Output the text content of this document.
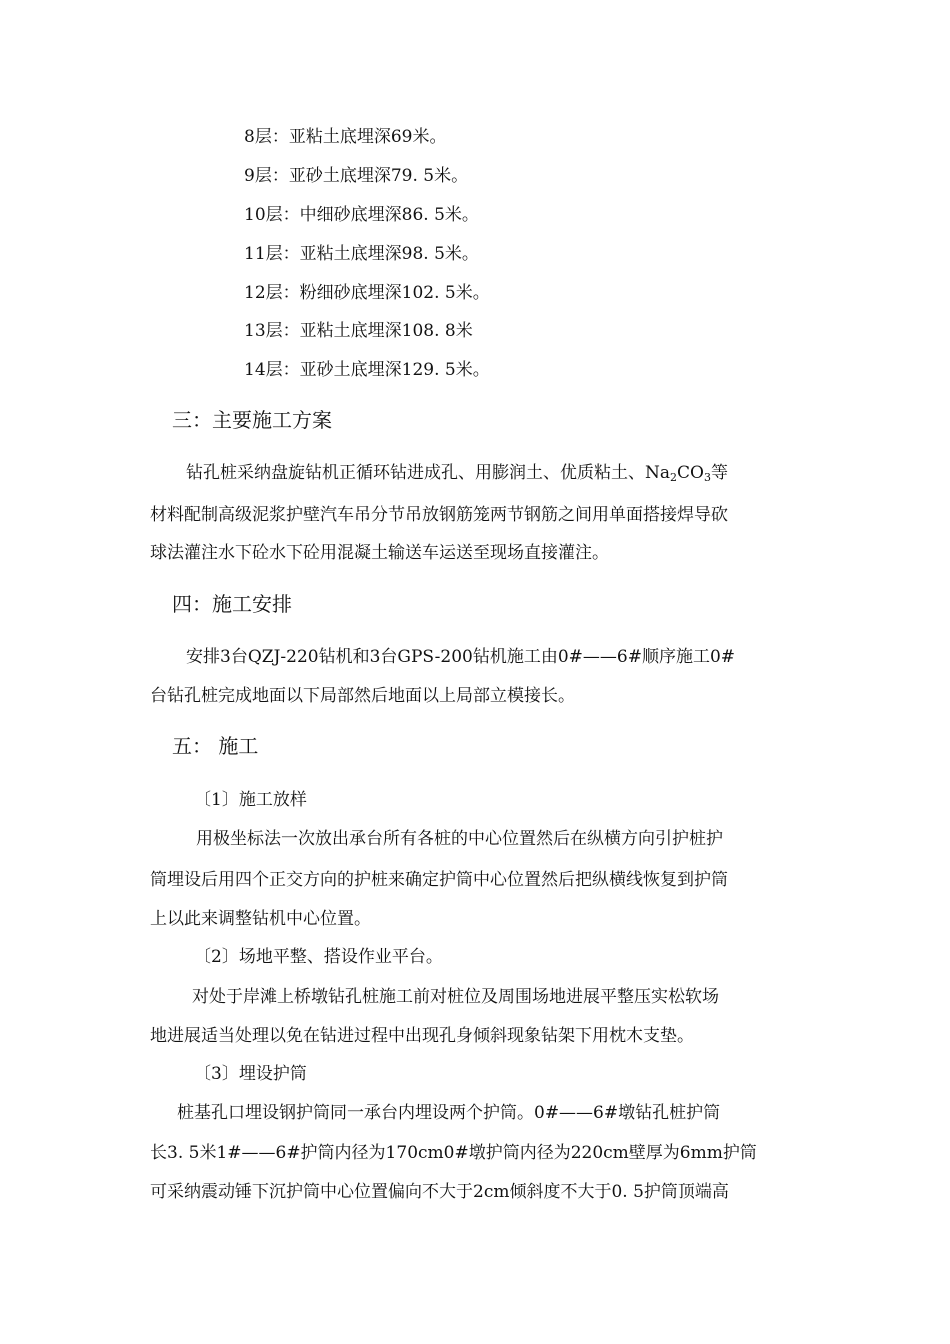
8层：亚粘土底埋深69米。
9层：亚砂土底埋深79. 5米。
10层：中细砂底埋深86. 5米。
11层：亚粘土底埋深98. 5米。
12层：粉细砂底埋深102. 5米。
13层：亚粘土底埋深108. 8米
14层：亚砂土底埋深129. 5米。
三：主要施工方案
钻孔桩采纳盘旋钻机正循环钻进成孔、用膨润土、优质粘土、$Na_2CO_3$等
材料配制高级泥浆护壁汽车吊分节吊放钢筋笼两节钢筋之间用单面搭接焊导砍
球法灌注水下砼水下砼用混凝土输送车运送至现场直接灌注。
四：施工安排
安排3台QZJ-220钻机和3台GPS-200钻机施工由0#——6#顺序施工0#
台钻孔桩完成地面以下局部然后地面以上局部立模接长。
五： 施工
〔1〕施工放样
用极坐标法一次放出承台所有各桩的中心位置然后在纵横方向引护桩护
筒埋设后用四个正交方向的护桩来确定护筒中心位置然后把纵横线恢复到护筒
上以此来调整钻机中心位置。
〔2〕场地平整、搭设作业平台。
对处于岸滩上桥墩钻孔桩施工前对桩位及周围场地进展平整压实松软场
地进展适当处理以免在钻进过程中出现孔身倾斜现象钻架下用枕木支垫。
〔3〕埋设护筒
桩基孔口埋设钢护筒同一承台内埋设两个护筒。0#——6#墩钻孔桩护筒
长3. 5米1#——6#护筒内径为170cm0#墩护筒内径为220cm壁厚为6mm护筒
可采纳震动锤下沉护筒中心位置偏向不大于2cm倾斜度不大于0. 5护筒顶端高
